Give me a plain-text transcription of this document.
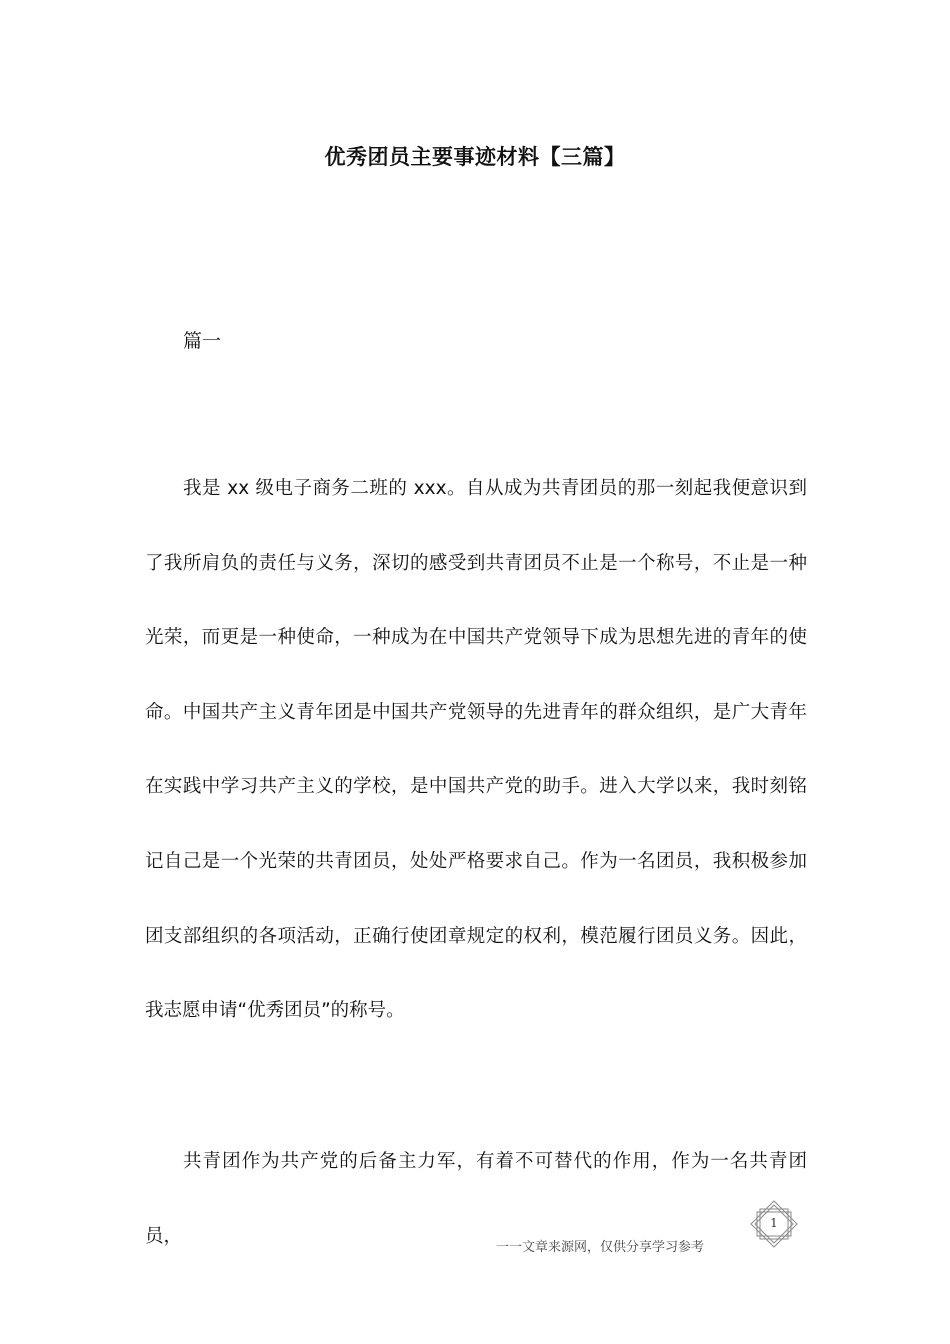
优秀团员主要事迹材料【三篇】
篇一

我是 xx 级电子商务二班的 xxx。自从成为共青团员的那一刻起我便意识到了我所肩负的责任与义务，深切的感受到共青团员不止是一个称号，不止是一种光荣，而更是一种使命，一种成为在中国共产党领导下成为思想先进的青年的使命。中国共产主义青年团是中国共产党领导的先进青年的群众组织，是广大青年在实践中学习共产主义的学校，是中国共产党的助手。进入大学以来，我时刻铭记自己是一个光荣的共青团员，处处严格要求自己。作为一名团员，我积极参加团支部组织的各项活动，正确行使团章规定的权利，模范履行团员义务。因此，我志愿申请“优秀团员”的称号。

共青团作为共产党的后备主力军，有着不可替代的作用，作为一名共青团员，

一一文章来源网，仅供分享学习参考
1
